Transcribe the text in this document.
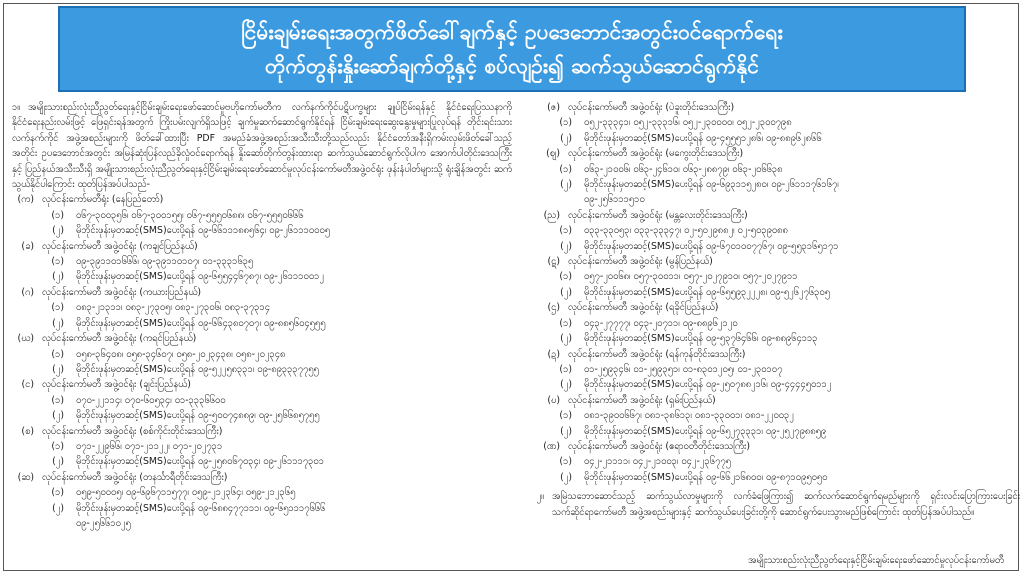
ငြိမ်းချမ်းရေးအတွက်ဖိတ်ခေါ်ချက်နှင့် ဥပဒေဘောင်အတွင်းဝင်ရောက်ရေး
တိုက်တွန်းနှိုးဆော်ချက်တို့နှင့် စပ်လျဉ်း၍ ဆက်သွယ်ဆောင်ရွက်နိုင်
၁။ အမျိုးသားစည်းလုံးညီညွတ်ရေးနှင့်ငြိမ်းချမ်းရေးဖော်ဆောင်မှုဗဟိုကော်မတီက လက်နက်ကိုင်ပဋိပက္ခများ ချုပ်ငြိမ်းရန်နှင့် နိုင်ငံရေးပြဿနာကို နိုင်ငံရေးနည်းလမ်းဖြင့် ဖြေရှင်းရန်အတွက် ကြိုးပမ်းလျက်ရှိသဖြင့် ချက်မှုဆက်ဆောင်ရွက်နိုင်ရန် ငြိမ်းချမ်းရေးဆွေးနွေးမှုများပြုလုပ်ရန် တိုင်းရင်းသားလက်နက်ကိုင် အဖွဲ့အစည်းများကို ဖိတ်ခေါ်ထားပြီး PDF အမည်ခံအဖွဲ့အစည်းအသီးသီးတို့သည်လည်း နိုင်ငံတော်အနီးရှိကမ်းလှမ်းဖိတ်ခေါ်သည့်အတိုင်း ဥပဒေဘောင်အတွင်း အမြန်ဆုံးပြန်လည်ခိုလှုံဝင်ရောက်ရန် နှိုးဆော်တိုက်တွန်းထားရာ ဆက်သွယ်ဆောင်ရွက်လိုပါက အောက်ပါတိုင်းဒေသကြီးနှင့် ပြည်နယ်အသီးသီးရှိ အမျိုးသားစည်းလုံးညီညွတ်ရေးနှင့်ငြိမ်းချမ်းရေးဖော်ဆောင်မှုလုပ်ငန်းကော်မတီအဖွဲ့ဝင်ရုံး ဖုန်းနံပါတ်များသို့ ရုံးချိန်အတွင်း ဆက်သွယ်နိုင်ပါကြောင်း ထုတ်ပြန်အပ်ပါသည်-
(က) လုပ်ငန်းကော်မတီရုံး (နေပြည်တော်)
(၁)	၀၆၇-၃၀၀၃၅၆၊ ၀၆၇-၃၀၀၁၅၅၊ ၀၆၇-၅၅၅၀၆၈၈၊ ၀၆၇-၅၅၅၀၆၆၆
(၂)	မိုဘိုင်းဖုန်းမှတဆင့်(SMS)ပေးပို့ရန် ၀၉-၆၆၁၁၁၈၈၅၆၄၊ ၀၉-၂၆၁၁၁၀၀၀၅
(ခ) လုပ်ငန်းကော်မတီ အဖွဲ့ဝင်ရုံး (ကချင်ပြည်နယ်)
(၁)	၀၉-၃၉၁၁၀၁၆၆၆၊ ၀၉-၃၉၁၁၀၁၀၇၊ ၀၁-၃၃၃၁၆၃၅
(၂)	မိုဘိုင်းဖုန်းမှတဆင့်(SMS)ပေးပို့ရန် ၀၉-၆၅၅၄၄၆၇၈၇၊ ၀၉-၂၆၁၁၁၀၀၁၂
(ဂ) လုပ်ငန်းကော်မတီ အဖွဲ့ဝင်ရုံး (ကယားပြည်နယ်)
(၁)	၀၈၃-၂၁၃၁၁၊ ၀၈၃-၂၇၃၀၅၊ ၀၈၃-၂၇၃၀၆၊ ၀၈၃-၃၇၃၁၄
(၂)	မိုဘိုင်းဖုန်းမှတဆင့်(SMS)ပေးပို့ရန် ၀၉-၆၆၄၃၈၀၇၀၇၊ ၀၉-၈၈၅၆၀၄၅၅၅
(ဃ) လုပ်ငန်းကော်မတီ အဖွဲ့ဝင်ရုံး (ကရင်ပြည်နယ်)
(၁)	၀၅၈-၃၆၄၀၈၊ ၀၅၈-၃၄၆၀၇၊ ၀၅၈-၂၀၂၃၄၃၈၊ ၀၅၈-၂၀၂၃၄၈
(၂)	မိုဘိုင်းဖုန်းမှတဆင့်(SMS)ပေးပို့ရန် ၀၉-၅၂၂၅၈၃၃၁၊ ၀၉-၈၉၃၃၃၇၇၅၅
(င) လုပ်ငန်းကော်မတီ အဖွဲ့ဝင်ရုံး (ချင်းပြည်နယ်)
(၁)	၀၇၀-၂၂၁၁၄၊ ၀၇၀-၆၀၅၃၄၊ ၀၁-၃၃၃၆၆၀၀
(၂)	မိုဘိုင်းဖုန်းမှတဆင့်(SMS)ပေးပို့ရန် ၀၉-၅၀၀၇၄၈၈၉၊ ၀၉-၂၅၆၆၈၅၇၅၅
(စ) လုပ်ငန်းကော်မတီ အဖွဲ့ဝင်ရုံး (စစ်ကိုင်းတိုင်းဒေသကြီး)
(၁)	၀၇၁-၂၂၉၆၆၊ ၀၇၁-၂၁၁၂၂၊ ၀၇၁-၂၀၂၇၃၁
(၂)	မိုဘိုင်းဖုန်းမှတဆင့်(SMS)ပေးပို့ရန် ၀၉-၂၅၈၀၆၇၀၃၄၊ ၀၉-၂၆၁၁၁၇၃၀၁
(ဆ) လုပ်ငန်းကော်မတီ အဖွဲ့ဝင်ရုံး (တနင်္သာရီတိုင်းဒေသကြီး)
(၁)	၀၅၉-၅၀၀၀၅၊ ၀၉-၆၉၆၇၁၁၅၇၇၊ ၀၅၉-၂၁၂၃၆၄၊ ၀၅၉-၂၁၂၃၆၅
(၂)	မိုဘိုင်းဖုန်းမှတဆင့်(SMS)ပေးပို့ရန် ၀၉-၆၈၈၄၇၇၁၁၁၊ ၀၉-၆၅၁၁၁၇၆၆၆
၀၉-၂၅၆၆၁၀၂၅
(ဇ) လုပ်ငန်းကော်မတီ အဖွဲ့ဝင်ရုံး (ပဲခူးတိုင်းဒေသကြီး)
(၁)	၀၅၂-၃၃၃၄၁၊ ၀၅၂-၃၃၃၁၆၊ ၀၅၂-၂၃၀၀၀၀၊ ၀၅၂-၂၃၀၀၇၉၈
(၂)	မိုဘိုင်းဖုန်းမှတဆင့်(SMS)ပေးပို့ရန် ၀၉-၄၅၅၅၁၂၈၆၊ ၀၉-၈၈၉၆၂၈၆၆
(ဈ) လုပ်ငန်းကော်မတီ အဖွဲ့ဝင်ရုံး (မကွေးတိုင်းဒေသကြီး)
(၁)	၀၆၃-၂၁၀၀၆၊ ၀၆၃-၂၄၆၁၀၊ ၀၆၃-၂၈၈၇၉၊ ၀၆၃-၂၀၆၆၃၈
(၂)	မိုဘိုင်းဖုန်းမှတဆင့်(SMS)ပေးပို့ရန် ၀၉-၆၉၃၁၁၅၂၈၀၊ ၀၉-၂၆၁၁၁၇၆၁၆၇၊
၀၉-၂၅၆၁၁၁၅၁၀
(ည) လုပ်ငန်းကော်မတီ အဖွဲ့ဝင်ရုံး (မန္တလေးတိုင်းဒေသကြီး)
(၁)	၀၃၃-၃၃၀၅၃၊ ၀၃၃-၃၃၃၄၇၊ ၀၂-၅၀၂၉၈၈၂၊ ၀၂-၅၀၃၉၀၈၈
(၂)	မိုဘိုင်းဖုန်းမှတဆင့်(SMS)ပေးပို့ရန် ၀၉-၆၇၀၁၀၀၇၇၆၇၊ ၀၉-၅၅၃၁၆၅၁၇၁
(ဋ) လုပ်ငန်းကော်မတီ အဖွဲ့ဝင်ရုံး (မွန်ပြည်နယ်)
(၁)	၀၅၇-၂၀၀၆၈၊ ၀၅၇-၃၀၀၁၁၊ ၀၅၇-၂၀၂၇၉၁၀၊ ၀၅၇-၂၀၂၇၉၁၁
(၂)	မိုဘိုင်းဖုန်းမှတဆင့်(SMS)ပေးပို့ရန် ၀၉-၆၅၅၉၃၂၂၂၈၊ ၀၉-၅၂၆၂၇၆၃၀၅
(ဌ) လုပ်ငန်းကော်မတီ အဖွဲ့ဝင်ရုံး (ရခိုင်ပြည်နယ်)
(၁)	၀၄၃-၂၇၇၇၇၊ ၀၄၃-၂၀၇၁၁၊ ၀၉-၈၈၉၆၂၁၂၀
(၂)	မိုဘိုင်းဖုန်းမှတဆင့်(SMS)ပေးပို့ရန် ၀၉-၅၃၇၆၄၆၆၊ ၀၉-၈၈၉၆၄၁၁၃
(ဍ) လုပ်ငန်းကော်မတီ အဖွဲ့ဝင်ရုံး (ရန်ကုန်တိုင်းဒေသကြီး)
(၁)	၀၁-၂၅၉၃၄၆၊ ၀၁-၂၅၉၃၅၁၊ ၀၁-၈၃၀၁၂၀၅၊ ၀၁-၂၃၀၁၀၇
(၂)	မိုဘိုင်းဖုန်းမှတဆင့်(SMS)ပေးပို့ရန် ၀၉-၂၅၀၇၈၈၂၁၆၊ ၀၉-၄၄၄၄၅၀၁၁၂
(ဎ) လုပ်ငန်းကော်မတီ အဖွဲ့ဝင်ရုံး (ရှမ်းပြည်နယ်)
(၁)	၀၈၁-၃၉၀၀၆၆၇၊ ၀၈၁-၃၈၆၁၃၊ ၀၈၁-၃၃၀၀၁၊ ၀၈၁-၂၂၀၀၃၂
(၂)	မိုဘိုင်းဖုန်းမှတဆင့်(SMS)ပေးပို့ရန် ၀၉-၆၅၂၇၃၃၃၁၊ ၀၉-၂၅၂၇၉၈၈၅၉
(ဏ) လုပ်ငန်းကော်မတီ အဖွဲ့ဝင်ရုံး (ဧရာဝတီတိုင်းဒေသကြီး)
(၁)	၀၄၂-၂၁၁၁၁၊ ၀၄၂-၂၁၀၀၃၊ ၀၄၂-၂၃၆၇၇၅
(၂)	မိုဘိုင်းဖုန်းမှတဆင့်(SMS)ပေးပို့ရန် ၀၉-၆၆၂၁၆၈၀၀၊ ၀၉-၈၇၁၀၉၅၀၅၀
၂။ အမြဲသဘောဆောင်သည့် ဆက်သွယ်လာမှုများကို လက်ခံဖြေကြား၍ ဆက်လက်ဆောင်ရွက်ရမည်များကို ရှင်းလင်းပြောကြားပေးခြင်းသက်ဆိုင်ရာကော်မတီ အဖွဲ့အစည်းများနှင့် ဆက်သွယ်ပေးခြင်းတို့ကို ဆောင်ရွက်ပေးသွားမည်ဖြစ်ကြောင်း ထုတ်ပြန်အပ်ပါသည်။
အမျိုးသားစည်းလုံးညီညွတ်ရေးနှင့်ငြိမ်းချမ်းရေးဖော်ဆောင်မှုလုပ်ငန်းကော်မတီ
